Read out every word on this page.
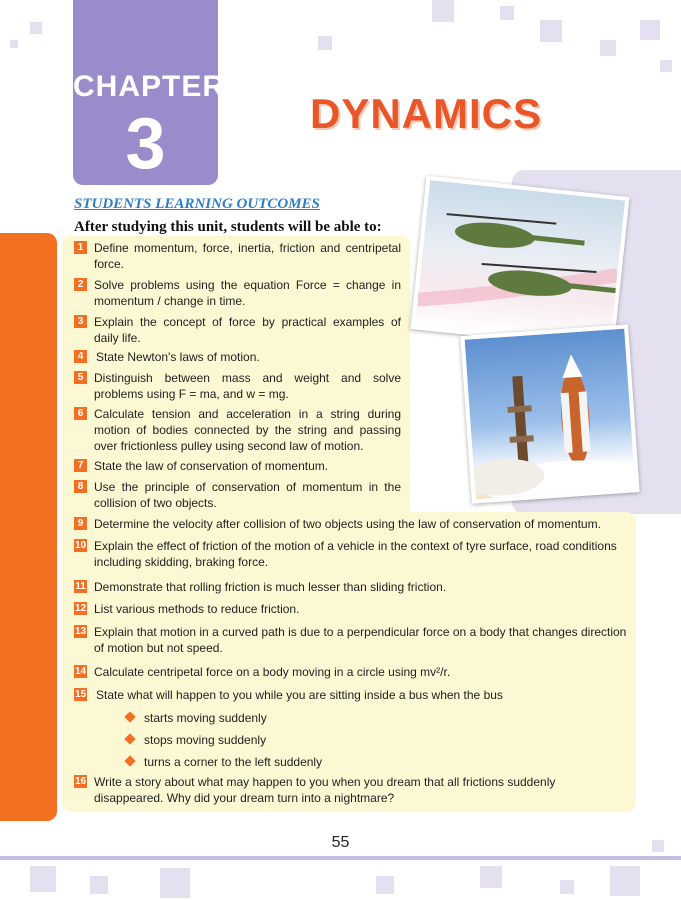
CHAPTER
3	DYNAMICS
STUDENTS LEARNING OUTCOMES
After studying this unit, students will be able to:
1 Define momentum, force, inertia, friction and centripetal force.
2 Solve problems using the equation Force = change in momentum / change in time.
3 Explain the concept of force by practical examples of daily life.
4	State Newton's laws of motion.
5 Distinguish between mass and weight and solve problems using F = ma, and w = mg.
6 Calculate tension and acceleration in a string during motion of bodies connected by the string and passing over frictionless pulley using second law of motion.
7 State the law of conservation of momentum.
8 Use the principle of conservation of momentum in the collision of two objects.
9 Determine the velocity after collision of two objects using the law of conservation of momentum.
10 Explain the effect of friction of the motion of a vehicle in the context of tyre surface, road conditions including skidding, braking force.
11 Demonstrate that rolling friction is much lesser than sliding friction.
12 List various methods to reduce friction.
13 Explain that motion in a curved path is due to a perpendicular force on a body that changes direction of motion but not speed.
14 Calculate centripetal force on a body moving in a circle using mv²/r.
15 State what will happen to you while you are sitting inside a bus when the bus
starts moving suddenly
stops moving suddenly
turns a corner to the left suddenly
16 Write a story about what may happen to you when you dream that all frictions suddenly disappeared. Why did your dream turn into a nightmare?
55
